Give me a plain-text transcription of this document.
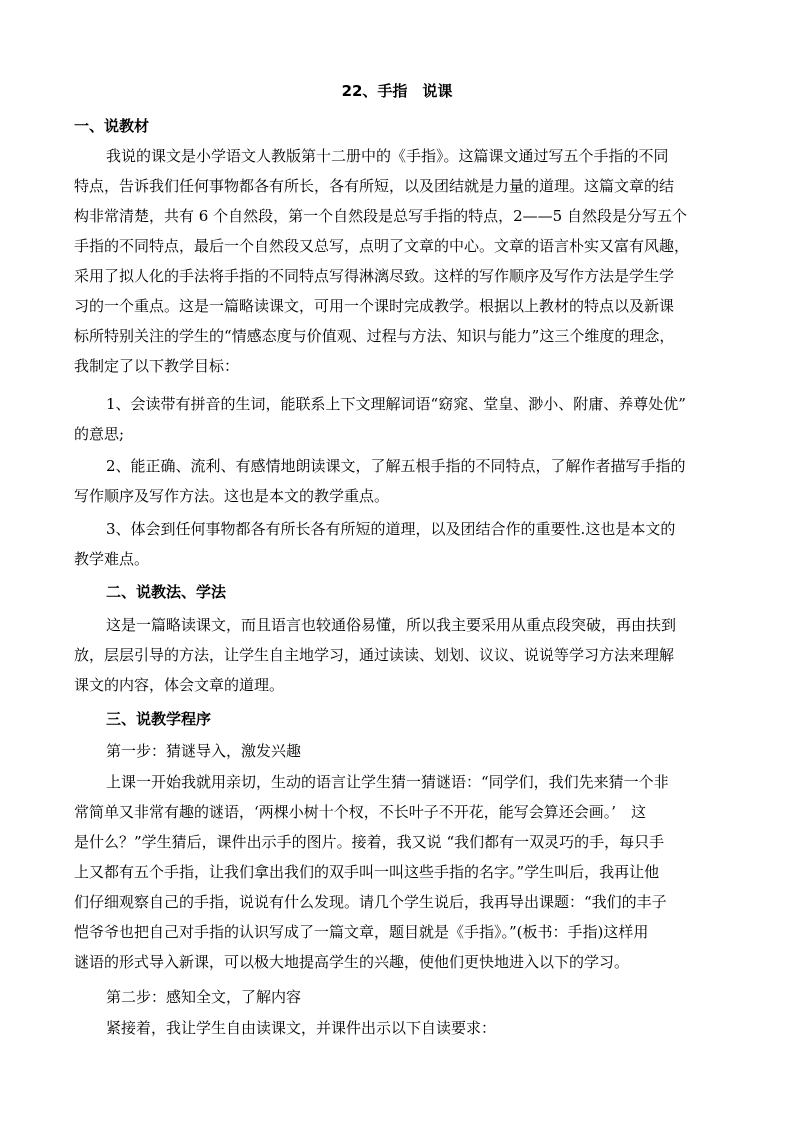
22、手指　说课
一、说教材
我说的课文是小学语文人教版第十二册中的《手指》。这篇课文通过写五个手指的不同
特点，告诉我们任何事物都各有所长，各有所短，以及团结就是力量的道理。这篇文章的结
构非常清楚，共有 6 个自然段，第一个自然段是总写手指的特点，2——5 自然段是分写五个
手指的不同特点，最后一个自然段又总写，点明了文章的中心。文章的语言朴实又富有风趣，
采用了拟人化的手法将手指的不同特点写得淋漓尽致。这样的写作顺序及写作方法是学生学
习的一个重点。这是一篇略读课文，可用一个课时完成教学。根据以上教材的特点以及新课
标所特别关注的学生的“情感态度与价值观、过程与方法、知识与能力”这三个维度的理念，
我制定了以下教学目标：
1、会读带有拼音的生词，能联系上下文理解词语“窈窕、堂皇、渺小、附庸、养尊处优”
的意思;
2、能正确、流利、有感情地朗读课文，了解五根手指的不同特点，了解作者描写手指的
写作顺序及写作方法。这也是本文的教学重点。
3、体会到任何事物都各有所长各有所短的道理，以及团结合作的重要性.这也是本文的
教学难点。
二、说教法、学法
这是一篇略读课文，而且语言也较通俗易懂，所以我主要采用从重点段突破，再由扶到
放，层层引导的方法，让学生自主地学习，通过读读、划划、议议、说说等学习方法来理解
课文的内容，体会文章的道理。
三、说教学程序
第一步：猜谜导入，激发兴趣
上课一开始我就用亲切，生动的语言让学生猜一猜谜语：“同学们，我们先来猜一个非
常简单又非常有趣的谜语，‘两棵小树十个杈，不长叶子不开花，能写会算还会画。’　这
是什么？”学生猜后，课件出示手的图片。接着，我又说 “我们都有一双灵巧的手，每只手
上又都有五个手指，让我们拿出我们的双手叫一叫这些手指的名字。”学生叫后，我再让他
们仔细观察自己的手指，说说有什么发现。请几个学生说后，我再导出课题：“我们的丰子
恺爷爷也把自己对手指的认识写成了一篇文章，题目就是《手指》。”(板书：手指)这样用
谜语的形式导入新课，可以极大地提高学生的兴趣，使他们更快地进入以下的学习。
第二步：感知全文，了解内容
紧接着，我让学生自由读课文，并课件出示以下自读要求：
